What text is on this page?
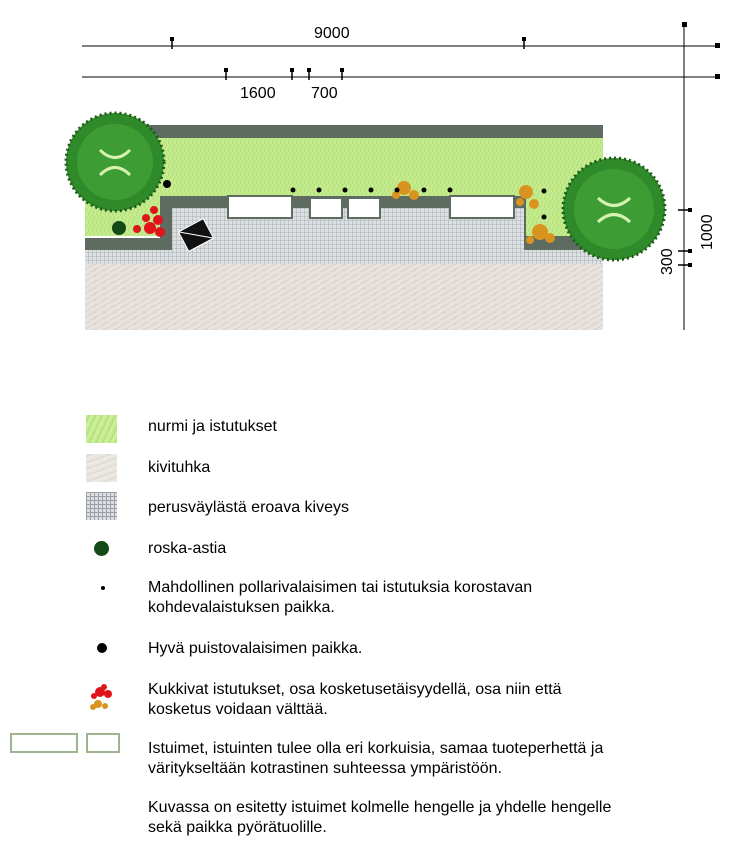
9000
1600 700
1000
300
nurmi ja istutukset
kivituhka
perusväylästä eroava kiveys
roska-astia
Mahdollinen pollarivalaisimen tai istutuksia korostavan
kohdevalaistuksen paikka.
Hyvä puistovalaisimen paikka.
Kukkivat istutukset, osa kosketusetäisyydellä, osa niin että
kosketus voidaan välttää.
Istuimet, istuinten tulee olla eri korkuisia, samaa tuoteperhettä ja
väritykseltään kotrastinen suhteessa ympäristöön.
Kuvassa on esitetty istuimet kolmelle hengelle ja yhdelle hengelle
sekä paikka pyörätuolille.
